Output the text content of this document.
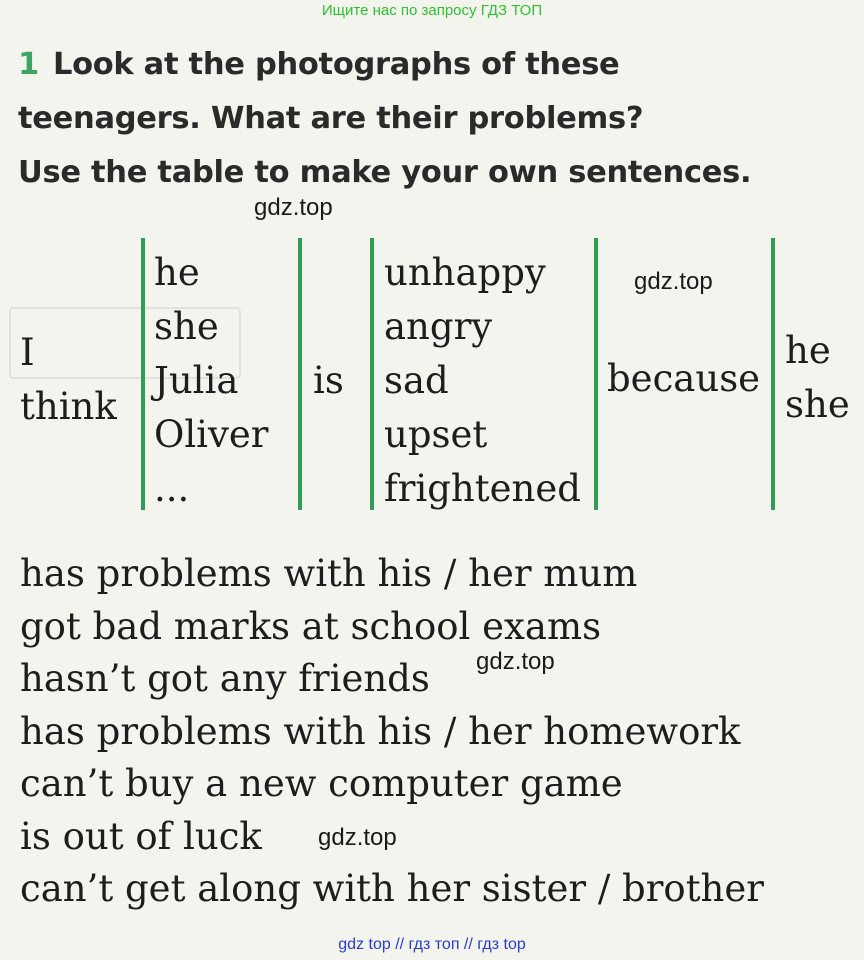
Ищите нас по запросу ГДЗ ТОП
1 Look at the photographs of these
teenagers. What are their problems?
Use the table to make your own sentences.
gdz.top
gdz.top
gdz.top
gdz.top
I
think
he
she
Julia
Oliver
...
is
unhappy
angry
sad
upset
frightened
because
he
she
has problems with his / her mum
got bad marks at school exams
hasn’t got any friends
has problems with his / her homework
can’t buy a new computer game
is out of luck
can’t get along with her sister / brother
gdz top // гдз топ // гдз top
